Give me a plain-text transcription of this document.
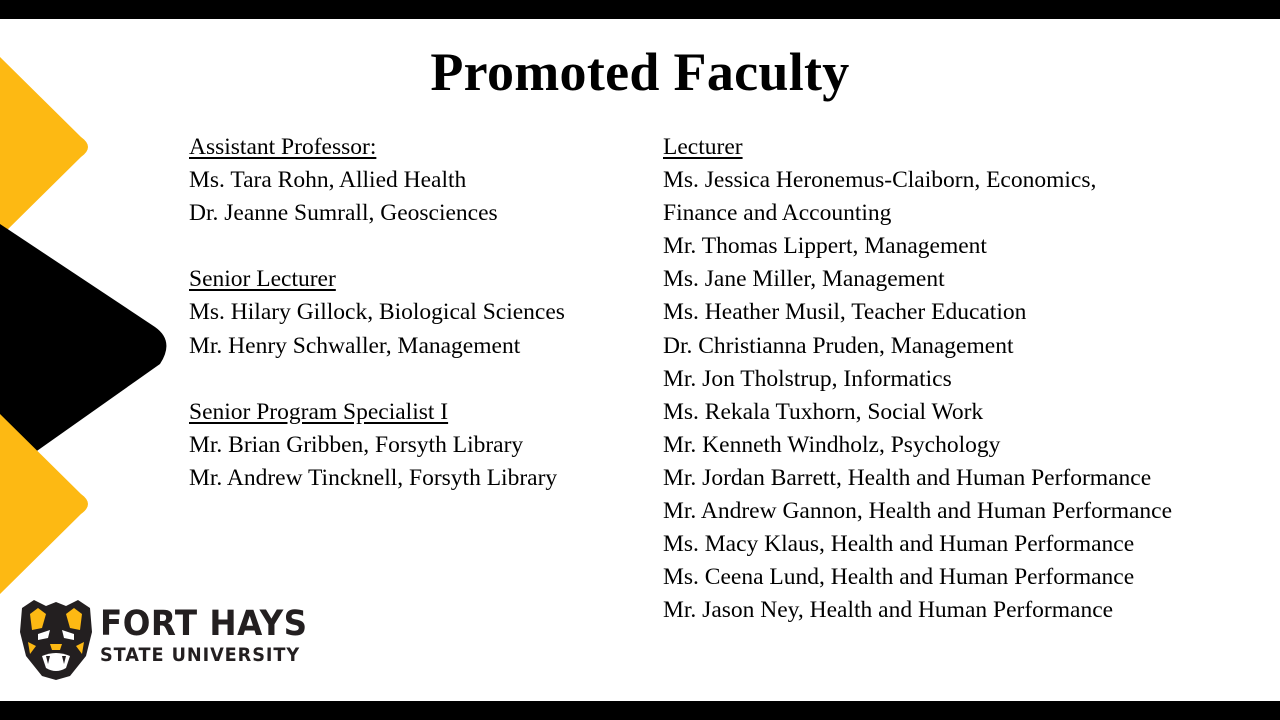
Promoted Faculty
Assistant Professor:
Ms. Tara Rohn, Allied Health
Dr. Jeanne Sumrall, Geosciences
Senior Lecturer
Ms. Hilary Gillock, Biological Sciences
Mr. Henry Schwaller, Management
Senior Program Specialist I
Mr. Brian Gribben, Forsyth Library
Mr. Andrew Tincknell, Forsyth Library
Lecturer
Ms. Jessica Heronemus-Claiborn, Economics,
Finance and Accounting
Mr. Thomas Lippert, Management
Ms. Jane Miller, Management
Ms. Heather Musil, Teacher Education
Dr. Christianna Pruden, Management
Mr. Jon Tholstrup, Informatics
Ms. Rekala Tuxhorn, Social Work
Mr. Kenneth Windholz, Psychology
Mr. Jordan Barrett, Health and Human Performance
Mr. Andrew Gannon, Health and Human Performance
Ms. Macy Klaus, Health and Human Performance
Ms. Ceena Lund, Health and Human Performance
Mr. Jason Ney, Health and Human Performance
FORT HAYS
STATE UNIVERSITY
